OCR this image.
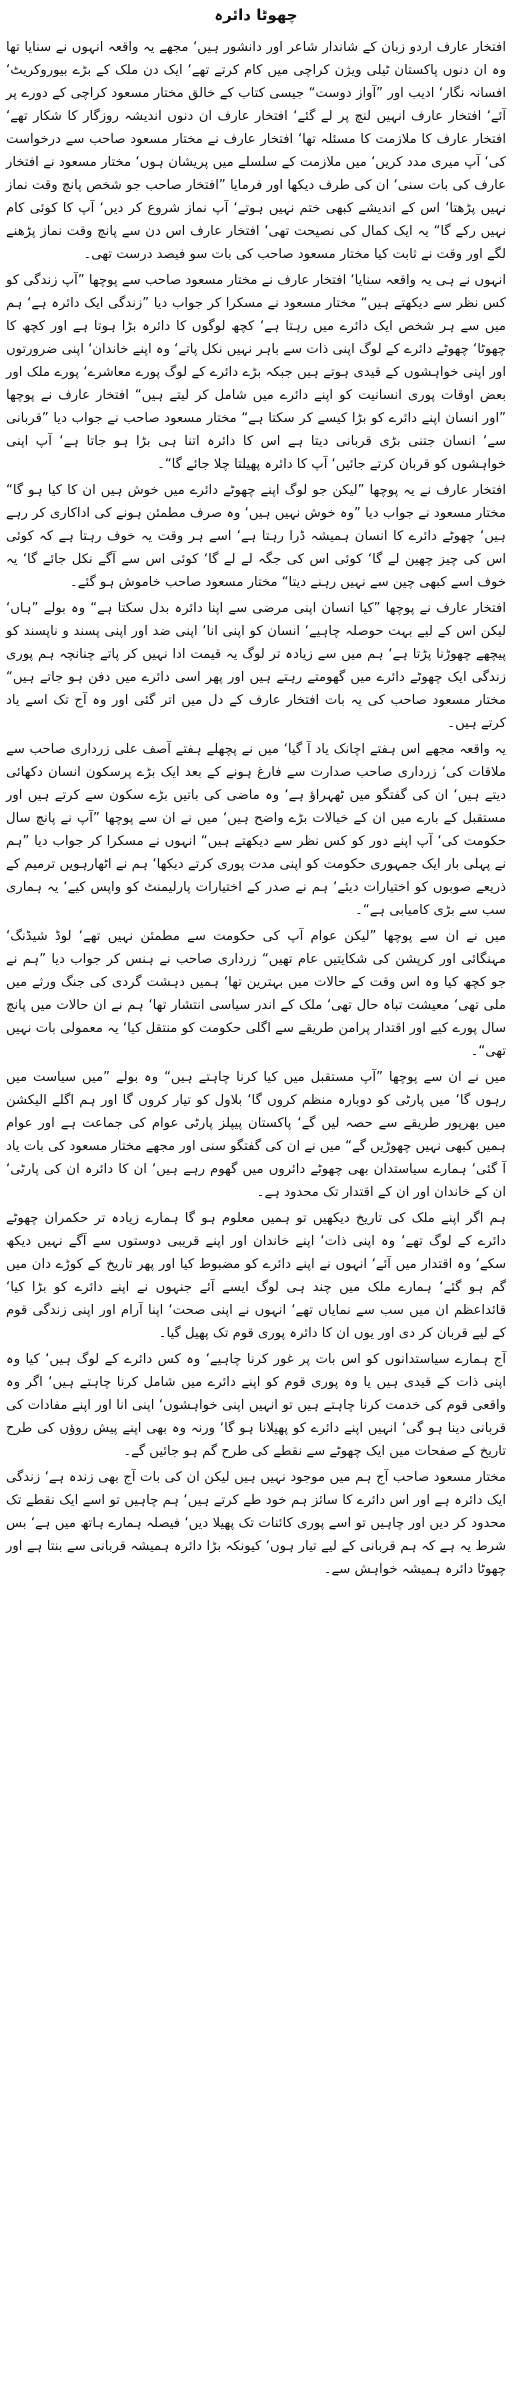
چھوٹا دائرہ

افتخار عارف اردو زبان کے شاندار شاعر اور دانشور ہیں‘ مجھے یہ واقعہ انہوں نے سنایا تھا وہ ان دنوں پاکستان ٹیلی ویژن کراچی میں کام کرتے تھے‘ ایک دن ملک کے بڑے بیوروکریٹ‘ افسانہ نگار‘ ادیب اور ”آواز دوست“ جیسی کتاب کے خالق مختار مسعود کراچی کے دورے پر آئے‘ افتخار عارف انہیں لنچ پر لے گئے‘ افتخار عارف ان دنوں اندیشہ روزگار کا شکار تھے‘ افتخار عارف کا ملازمت کا مسئلہ تھا‘ افتخار عارف نے مختار مسعود صاحب سے درخواست کی‘ آپ میری مدد کریں‘ میں ملازمت کے سلسلے میں پریشان ہوں‘ مختار مسعود نے افتخار عارف کی بات سنی‘ ان کی طرف دیکھا اور فرمایا ”افتخار صاحب جو شخص پانچ وقت نماز نہیں پڑھتا‘ اس کے اندیشے کبھی ختم نہیں ہوتے‘ آپ نماز شروع کر دیں‘ آپ کا کوئی کام نہیں رکے گا“ یہ ایک کمال کی نصیحت تھی‘ افتخار عارف اس دن سے پانچ وقت نماز پڑھنے لگے اور وقت نے ثابت کیا مختار مسعود صاحب کی بات سو فیصد درست تھی۔

انہوں نے ہی یہ واقعہ سنایا‘ افتخار عارف نے مختار مسعود صاحب سے پوچھا ”آپ زندگی کو کس نظر سے دیکھتے ہیں“ مختار مسعود نے مسکرا کر جواب دیا ”زندگی ایک دائرہ ہے‘ ہم میں سے ہر شخص ایک دائرے میں رہتا ہے‘ کچھ لوگوں کا دائرہ بڑا ہوتا ہے اور کچھ کا چھوٹا‘ چھوٹے دائرے کے لوگ اپنی ذات سے باہر نہیں نکل پاتے‘ وہ اپنے خاندان‘ اپنی ضرورتوں اور اپنی خواہشوں کے قیدی ہوتے ہیں جبکہ بڑے دائرے کے لوگ پورے معاشرے‘ پورے ملک اور بعض اوقات پوری انسانیت کو اپنے دائرے میں شامل کر لیتے ہیں“ افتخار عارف نے پوچھا ”اور انسان اپنے دائرے کو بڑا کیسے کر سکتا ہے“ مختار مسعود صاحب نے جواب دیا ”قربانی سے‘ انسان جتنی بڑی قربانی دیتا ہے اس کا دائرہ اتنا ہی بڑا ہو جاتا ہے‘ آپ اپنی خواہشوں کو قربان کرتے جائیں‘ آپ کا دائرہ پھیلتا چلا جائے گا“۔

افتخار عارف نے یہ پوچھا ”لیکن جو لوگ اپنے چھوٹے دائرے میں خوش ہیں ان کا کیا ہو گا“ مختار مسعود نے جواب دیا ”وہ خوش نہیں ہیں‘ وہ صرف مطمئن ہونے کی اداکاری کر رہے ہیں‘ چھوٹے دائرے کا انسان ہمیشہ ڈرا رہتا ہے‘ اسے ہر وقت یہ خوف رہتا ہے کہ کوئی اس کی چیز چھین لے گا‘ کوئی اس کی جگہ لے لے گا‘ کوئی اس سے آگے نکل جائے گا‘ یہ خوف اسے کبھی چین سے نہیں رہنے دیتا“ مختار مسعود صاحب خاموش ہو گئے۔

افتخار عارف نے پوچھا ”کیا انسان اپنی مرضی سے اپنا دائرہ بدل سکتا ہے“ وہ بولے ”ہاں‘ لیکن اس کے لیے بہت حوصلہ چاہیے‘ انسان کو اپنی انا‘ اپنی ضد اور اپنی پسند و ناپسند کو پیچھے چھوڑنا پڑتا ہے‘ ہم میں سے زیادہ تر لوگ یہ قیمت ادا نہیں کر پاتے چنانچہ ہم پوری زندگی ایک چھوٹے دائرے میں گھومتے رہتے ہیں اور پھر اسی دائرے میں دفن ہو جاتے ہیں“ مختار مسعود صاحب کی یہ بات افتخار عارف کے دل میں اتر گئی اور وہ آج تک اسے یاد کرتے ہیں۔

یہ واقعہ مجھے اس ہفتے اچانک یاد آ گیا‘ میں نے پچھلے ہفتے آصف علی زرداری صاحب سے ملاقات کی‘ زرداری صاحب صدارت سے فارغ ہونے کے بعد ایک بڑے پرسکون انسان دکھائی دیتے ہیں‘ ان کی گفتگو میں ٹھہراؤ ہے‘ وہ ماضی کی باتیں بڑے سکون سے کرتے ہیں اور مستقبل کے بارے میں ان کے خیالات بڑے واضح ہیں‘ میں نے ان سے پوچھا ”آپ نے پانچ سال حکومت کی‘ آپ اپنے دور کو کس نظر سے دیکھتے ہیں“ انہوں نے مسکرا کر جواب دیا ”ہم نے پہلی بار ایک جمہوری حکومت کو اپنی مدت پوری کرتے دیکھا‘ ہم نے اٹھارہویں ترمیم کے ذریعے صوبوں کو اختیارات دیئے‘ ہم نے صدر کے اختیارات پارلیمنٹ کو واپس کیے‘ یہ ہماری سب سے بڑی کامیابی ہے“۔

میں نے ان سے پوچھا ”لیکن عوام آپ کی حکومت سے مطمئن نہیں تھے‘ لوڈ شیڈنگ‘ مہنگائی اور کرپشن کی شکایتیں عام تھیں“ زرداری صاحب نے ہنس کر جواب دیا ”ہم نے جو کچھ کیا وہ اس وقت کے حالات میں بہترین تھا‘ ہمیں دہشت گردی کی جنگ ورثے میں ملی تھی‘ معیشت تباہ حال تھی‘ ملک کے اندر سیاسی انتشار تھا‘ ہم نے ان حالات میں پانچ سال پورے کیے اور اقتدار پرامن طریقے سے اگلی حکومت کو منتقل کیا‘ یہ معمولی بات نہیں تھی“۔

میں نے ان سے پوچھا ”آپ مستقبل میں کیا کرنا چاہتے ہیں“ وہ بولے ”میں سیاست میں رہوں گا‘ میں پارٹی کو دوبارہ منظم کروں گا‘ بلاول کو تیار کروں گا اور ہم اگلے الیکشن میں بھرپور طریقے سے حصہ لیں گے‘ پاکستان پیپلز پارٹی عوام کی جماعت ہے اور عوام ہمیں کبھی نہیں چھوڑیں گے“ میں نے ان کی گفتگو سنی اور مجھے مختار مسعود کی بات یاد آ گئی‘ ہمارے سیاستدان بھی چھوٹے دائروں میں گھوم رہے ہیں‘ ان کا دائرہ ان کی پارٹی‘ ان کے خاندان اور ان کے اقتدار تک محدود ہے۔

ہم اگر اپنے ملک کی تاریخ دیکھیں تو ہمیں معلوم ہو گا ہمارے زیادہ تر حکمران چھوٹے دائرے کے لوگ تھے‘ وہ اپنی ذات‘ اپنے خاندان اور اپنے قریبی دوستوں سے آگے نہیں دیکھ سکے‘ وہ اقتدار میں آئے‘ انہوں نے اپنے دائرے کو مضبوط کیا اور پھر تاریخ کے کوڑے دان میں گم ہو گئے‘ ہمارے ملک میں چند ہی لوگ ایسے آئے جنہوں نے اپنے دائرے کو بڑا کیا‘ قائداعظم ان میں سب سے نمایاں تھے‘ انہوں نے اپنی صحت‘ اپنا آرام اور اپنی زندگی قوم کے لیے قربان کر دی اور یوں ان کا دائرہ پوری قوم تک پھیل گیا۔

آج ہمارے سیاستدانوں کو اس بات پر غور کرنا چاہیے‘ وہ کس دائرے کے لوگ ہیں‘ کیا وہ اپنی ذات کے قیدی ہیں یا وہ پوری قوم کو اپنے دائرے میں شامل کرنا چاہتے ہیں‘ اگر وہ واقعی قوم کی خدمت کرنا چاہتے ہیں تو انہیں اپنی خواہشوں‘ اپنی انا اور اپنے مفادات کی قربانی دینا ہو گی‘ انہیں اپنے دائرے کو پھیلانا ہو گا‘ ورنہ وہ بھی اپنے پیش روؤں کی طرح تاریخ کے صفحات میں ایک چھوٹے سے نقطے کی طرح گم ہو جائیں گے۔

مختار مسعود صاحب آج ہم میں موجود نہیں ہیں لیکن ان کی بات آج بھی زندہ ہے‘ زندگی ایک دائرہ ہے اور اس دائرے کا سائز ہم خود طے کرتے ہیں‘ ہم چاہیں تو اسے ایک نقطے تک محدود کر دیں اور چاہیں تو اسے پوری کائنات تک پھیلا دیں‘ فیصلہ ہمارے ہاتھ میں ہے‘ بس شرط یہ ہے کہ ہم قربانی کے لیے تیار ہوں‘ کیونکہ بڑا دائرہ ہمیشہ قربانی سے بنتا ہے اور چھوٹا دائرہ ہمیشہ خواہش سے۔
